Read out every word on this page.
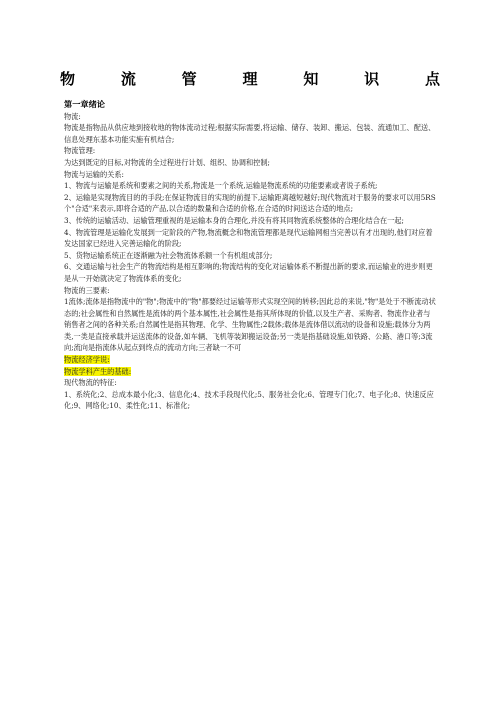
物	流	管	理	知	识	点

第一章绪论

物流:

物流是指物品从供应地到接收地的物体流动过程;根据实际需要,将运输、储存、装卸、搬运、包装、流通加工、配送、信息处理东基本功能实施有机结合;

物流管理:

为达到既定的目标,对物流的全过程进行计划、组织、协调和控制;

物流与运输的关系:

1、物流与运输是系统和要素之间的关系,物流是一个系统,运输是物流系统的功能要素或者说子系统;

2、运输是实现物流目的的手段;在保证物流目的实现的前提下,运输距离越短越好;现代物流对于服务的要求可以用5RS个"合适"来表示,即将合适的产品,以合适的数量和合适的价格,在合适的时间送达合适的地点;

3、传统的运输活动、运输管理重视的是运输本身的合理化,并没有将其同物流系统整体的合理化结合在一起;

4、物流管理是运输化发展到一定阶段的产物,物流概念和物流管理都是现代运输网相当完善以有才出现的,他们对应着发达国家已经进入完善运输化的阶段;

5、货物运输系统正在逐渐融为社会物流体系额一个有机组成部分;

6、交通运输与社会生产的物流结构是相互影响的;物流结构的变化对运输体系不断提出新的要求,而运输业的进步则更是从一开始就决定了物流体系的变化;

物流的三要素:

1流体;流体是指物流中的"物";物流中的"物"都要经过运输等形式实现空间的转移;因此总的来说,"物"是处于不断流动状态的;社会属性和自然属性是流体的两个基本属性,社会属性是指其所体现的价值,以及生产者、采购者、物流作业者与销售者之间的各种关系;自然属性是指其物理、化学、生物属性;2载体;载体是流体借以流动的设备和设施;载体分为两类,一类是直接承载并运送流体的设备,如车辆、飞机等装卸搬运设备;另一类是指基础设施,如铁路、公路、港口等;3流向;流向是指流体从起点到终点的流动方向;三者缺一不可

物流经济学说:

物流学科产生的基础:

现代物流的特征:

1、系统化;2、总成本最小化;3、信息化;4、技术手段现代化;5、服务社会化;6、管理专门化;7、电子化;8、快速反应化;9、网络化;10、柔性化;11、标准化;
